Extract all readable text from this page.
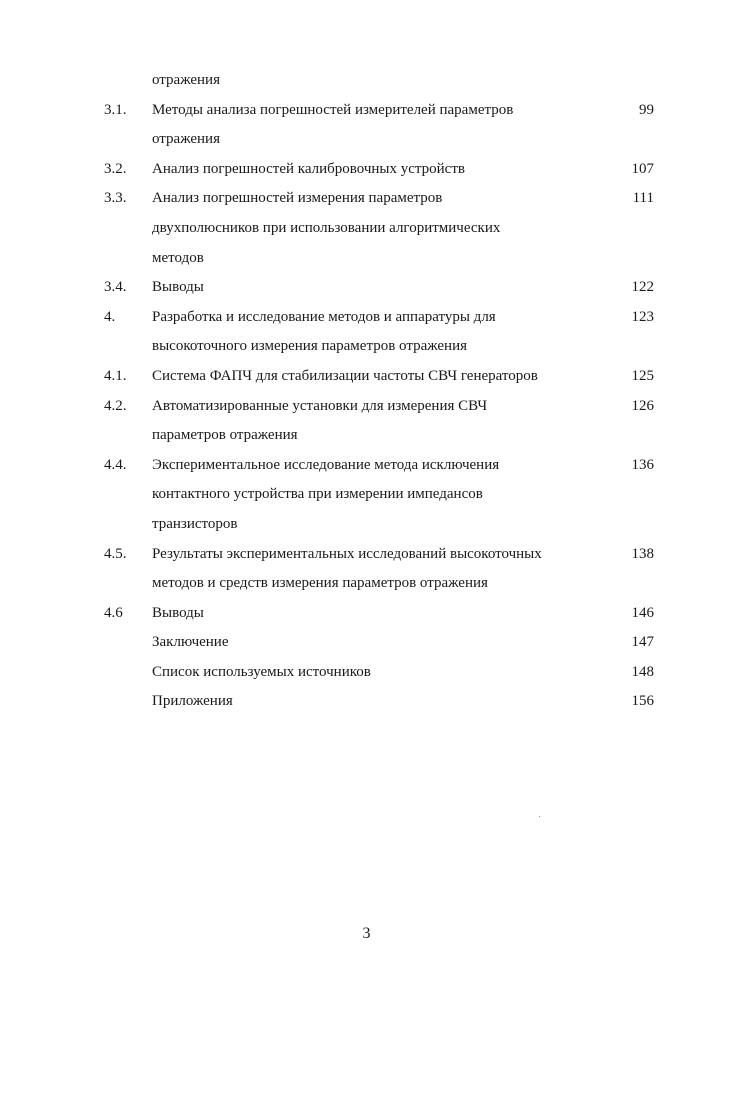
отражения
3.1. Методы анализа погрешностей измерителей параметров	99
отражения
3.2. Анализ погрешностей калибровочных устройств	107
3.3. Анализ погрешностей измерения параметров	111
двухполюсников при использовании алгоритмических
методов
3.4. Выводы	122
4. Разработка и исследование методов и аппаратуры для	123
высокоточного измерения параметров отражения
4.1. Система ФАПЧ для стабилизации частоты СВЧ генераторов	125
4.2. Автоматизированные установки для измерения СВЧ	126
параметров отражения
4.4. Экспериментальное исследование метода исключения	136
контактного устройства при измерении импедансов
транзисторов
4.5. Результаты экспериментальных исследований высокоточных	138
методов и средств измерения параметров отражения
4.6 Выводы	146
Заключение	147
Список используемых источников	148
Приложения	156
3
